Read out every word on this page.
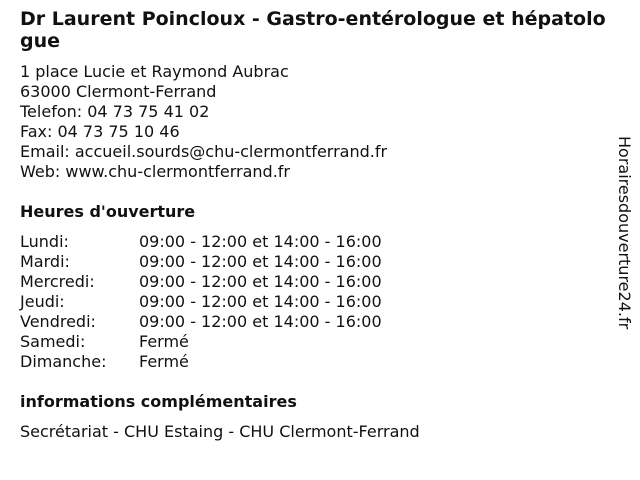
Dr Laurent Poincloux - Gastro-entérologue et hépatologue
1 place Lucie et Raymond Aubrac
63000 Clermont-Ferrand
Telefon: 04 73 75 41 02
Fax: 04 73 75 10 46
Email: accueil.sourds@chu-clermontferrand.fr
Web: www.chu-clermontferrand.fr
Heures d'ouverture
Lundi:	09:00 - 12:00 et 14:00 - 16:00
Mardi:	09:00 - 12:00 et 14:00 - 16:00
Mercredi:	09:00 - 12:00 et 14:00 - 16:00
Jeudi:	09:00 - 12:00 et 14:00 - 16:00
Vendredi:	09:00 - 12:00 et 14:00 - 16:00
Samedi:	Fermé
Dimanche:	Fermé
informations complémentaires
Secrétariat - CHU Estaing - CHU Clermont-Ferrand
Horairesdouverture24.fr
